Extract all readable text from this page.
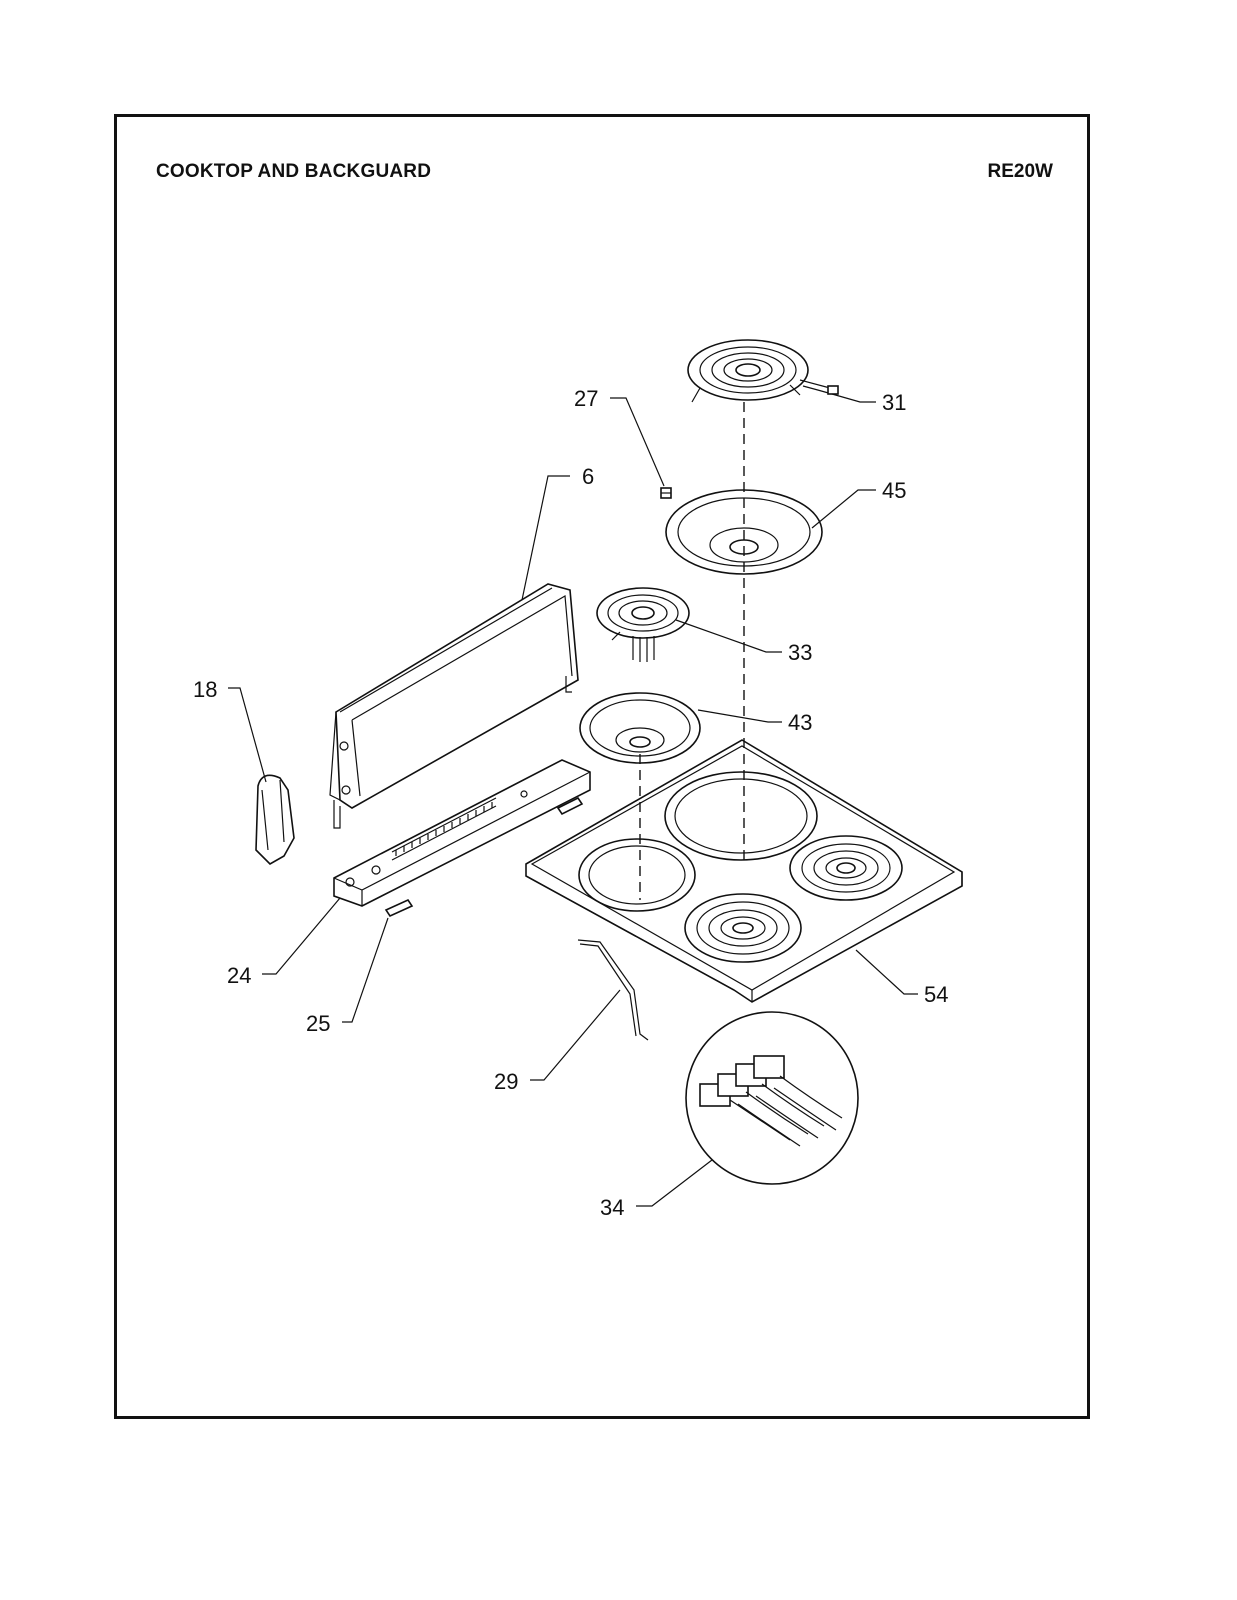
COOKTOP AND BACKGUARD	RE20W
6
18
24
25
27
29
31
33
34
43
45
54
